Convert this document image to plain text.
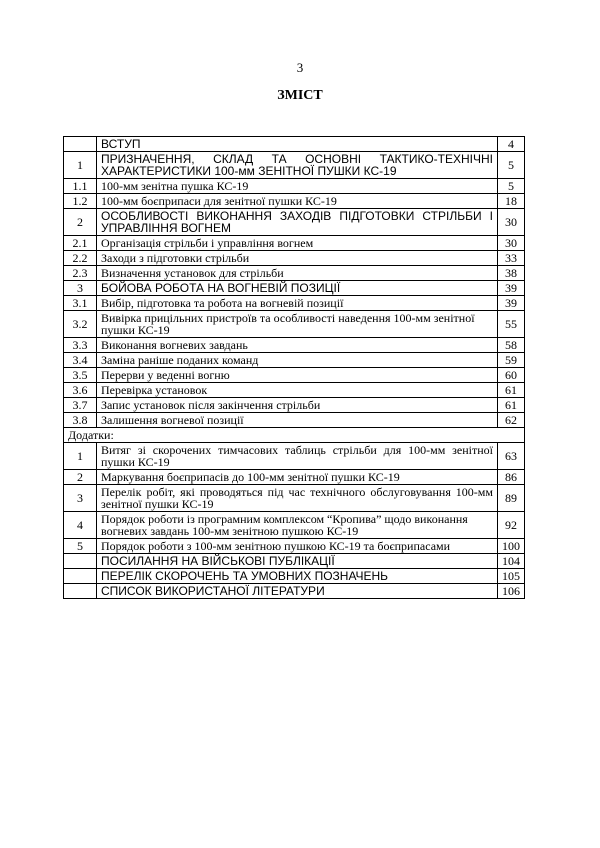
3
ЗМІСТ
	ВСТУП	4
1	ПРИЗНАЧЕННЯ, СКЛАД ТА ОСНОВНІ ТАКТИКО-ТЕХНІЧНІ ХАРАКТЕРИСТИКИ 100-мм ЗЕНІТНОЇ ПУШКИ КС-19	5
1.1	100-мм зенітна пушка КС-19	5
1.2	100-мм боєприпаси для зенітної пушки КС-19	18
2	ОСОБЛИВОСТІ ВИКОНАННЯ ЗАХОДІВ ПІДГОТОВКИ СТРІЛЬБИ І УПРАВЛІННЯ ВОГНЕМ	30
2.1	Організація стрільби і управління вогнем	30
2.2	Заходи з підготовки стрільби	33
2.3	Визначення установок для стрільби	38
3	БОЙОВА РОБОТА НА ВОГНЕВІЙ ПОЗИЦІЇ	39
3.1	Вибір, підготовка та робота на вогневій позиції	39
3.2	Вивірка прицільних пристроїв та особливості наведення 100-мм зенітної пушки КС-19	55
3.3	Виконання вогневих завдань	58
3.4	Заміна раніше поданих команд	59
3.5	Перерви у веденні вогню	60
3.6	Перевірка установок	61
3.7	Запис установок після закінчення стрільби	61
3.8	Залишення вогневої позиції	62
Додатки:		
1	Витяг зі скорочених тимчасових таблиць стрільби для 100-мм зенітної пушки КС-19	63
2	Маркування боєприпасів до 100-мм зенітної пушки КС-19	86
3	Перелік робіт, які проводяться під час технічного обслуговування 100-мм зенітної пушки КС-19	89
4	Порядок роботи із програмним комплексом “Кропива” щодо виконання вогневих завдань 100-мм зенітною пушкою КС-19	92
5	Порядок роботи з 100-мм зенітною пушкою КС-19 та боєприпасами	100
	ПОСИЛАННЯ НА ВІЙСЬКОВІ ПУБЛІКАЦІЇ	104
	ПЕРЕЛІК СКОРОЧЕНЬ ТА УМОВНИХ ПОЗНАЧЕНЬ	105
	СПИСОК ВИКОРИСТАНОЇ ЛІТЕРАТУРИ	106
